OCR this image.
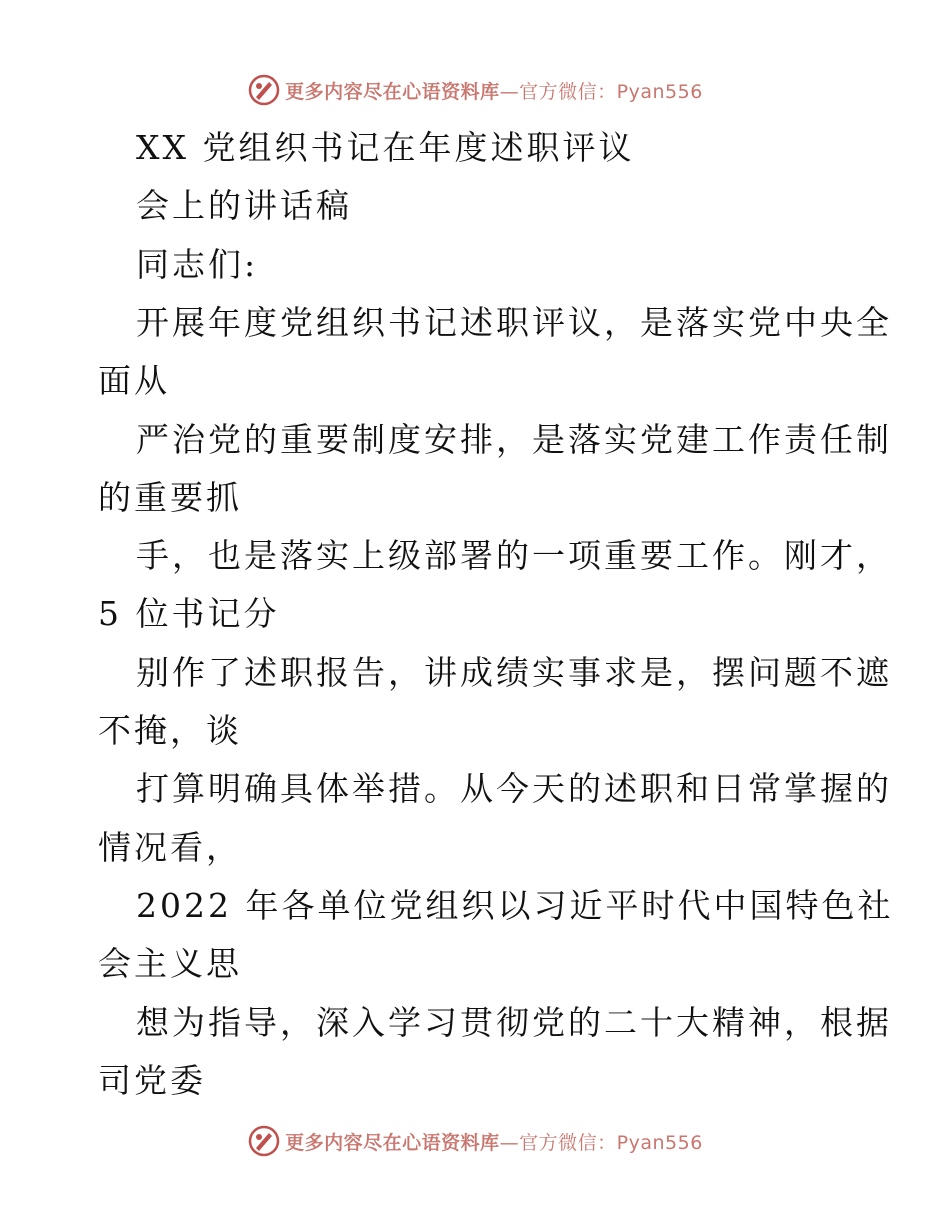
更多内容尽在心语资料库—官方微信：Pyan556
XX 党组织书记在年度述职评议
会上的讲话稿
同志们:
开展年度党组织书记述职评议，是落实党中央全
面从
严治党的重要制度安排，是落实党建工作责任制
的重要抓
手，也是落实上级部署的一项重要工作。刚才，
5 位书记分
别作了述职报告，讲成绩实事求是，摆问题不遮
不掩，谈
打算明确具体举措。从今天的述职和日常掌握的
情况看，
2022 年各单位党组织以习近平时代中国特色社
会主义思
想为指导，深入学习贯彻党的二十大精神，根据
司党委
更多内容尽在心语资料库—官方微信：Pyan556
